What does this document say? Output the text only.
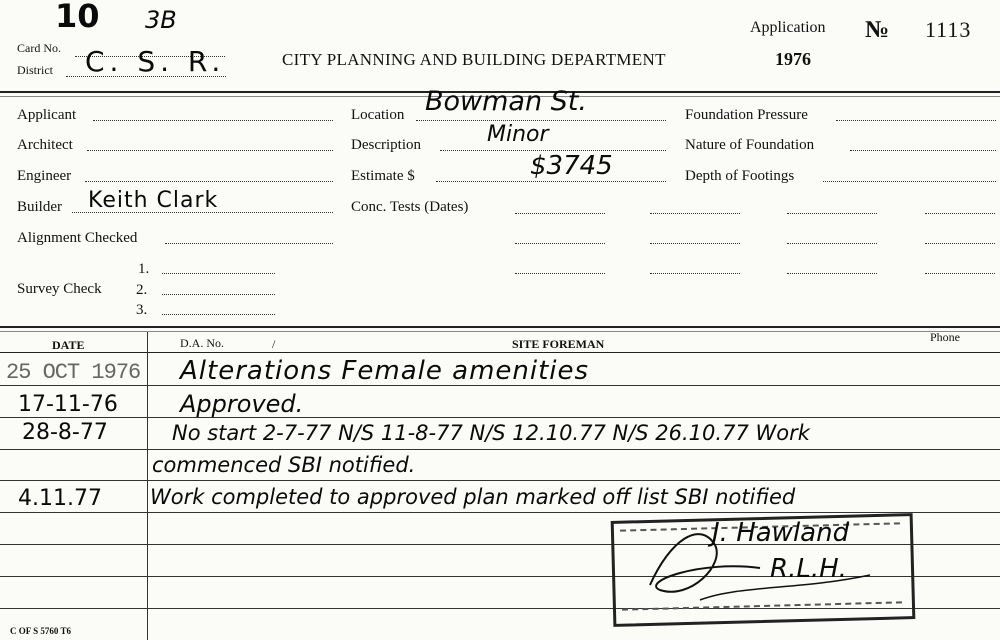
Card No.
District
10 3B
C. S. R.	CITY PLANNING AND BUILDING DEPARTMENT
Application
1976
№ 1113
Applicant
Architect
Engineer
Builder Keith Clark
Alignment Checked
1.
Survey Check 2.
3.
Location Bowman St.
Description	Minor
Estimate $	$3745
Conc. Tests (Dates)
Foundation Pressure
Nature of Foundation
Depth of Footings
DATE	D.A. No.	/	SITE FOREMAN	Phone
25 OCT 1976 Alterations Female amenities
17-11-76	Approved.
28-8-77	No start 2-7-77 N/S 11-8-77 N/S 12.10.77 N/S 26.10.77 Work
commenced SBI notified.
4.11.77 Work completed to approved plan marked off list SBI notified
J. Hawland
R.L.H.
C OF S 5760 T6
